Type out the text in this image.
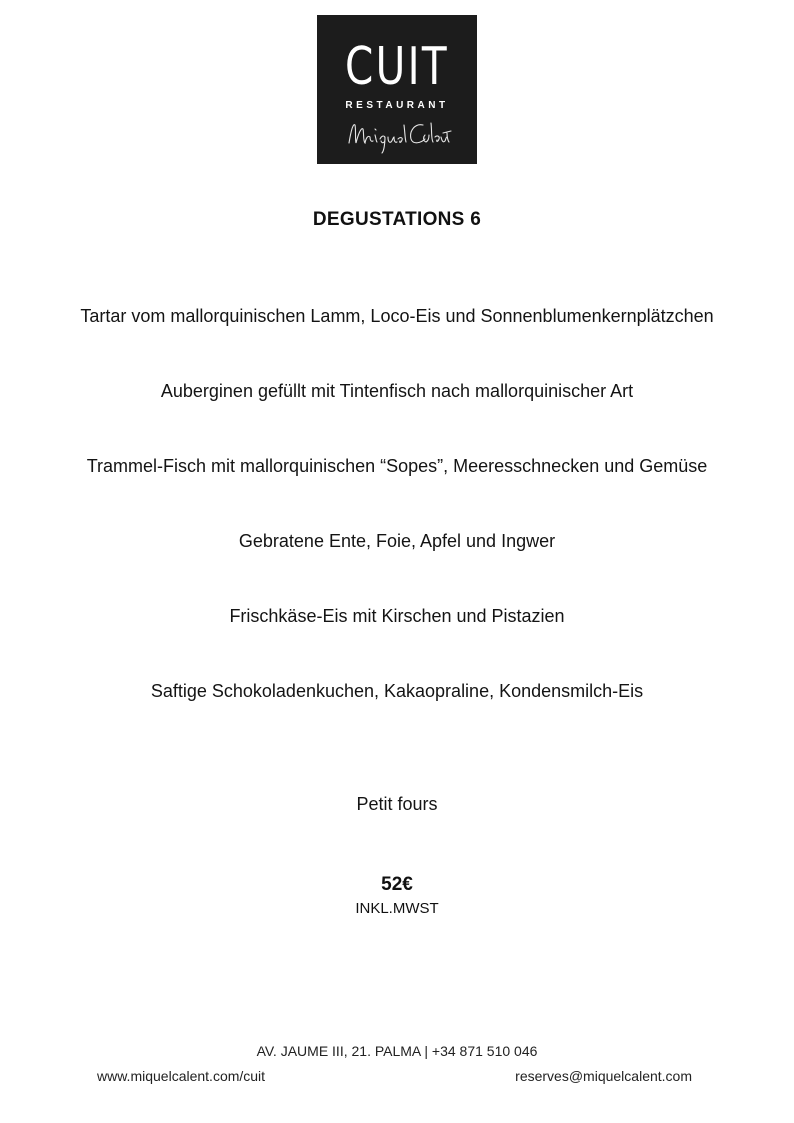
CUIT
RESTAURANT
DEGUSTATIONS 6
Tartar vom mallorquinischen Lamm, Loco-Eis und Sonnenblumenkernplätzchen
Auberginen gefüllt mit Tintenfisch nach mallorquinischer Art
Trammel-Fisch mit mallorquinischen “Sopes”, Meeresschnecken und Gemüse
Gebratene Ente, Foie, Apfel und Ingwer
Frischkäse-Eis mit Kirschen und Pistazien
Saftige Schokoladenkuchen, Kakaopraline, Kondensmilch-Eis
Petit fours
52€
INKL.MWST
AV. JAUME III, 21. PALMA | +34 871 510 046
www.miquelcalent.com/cuit	reserves@miquelcalent.com
